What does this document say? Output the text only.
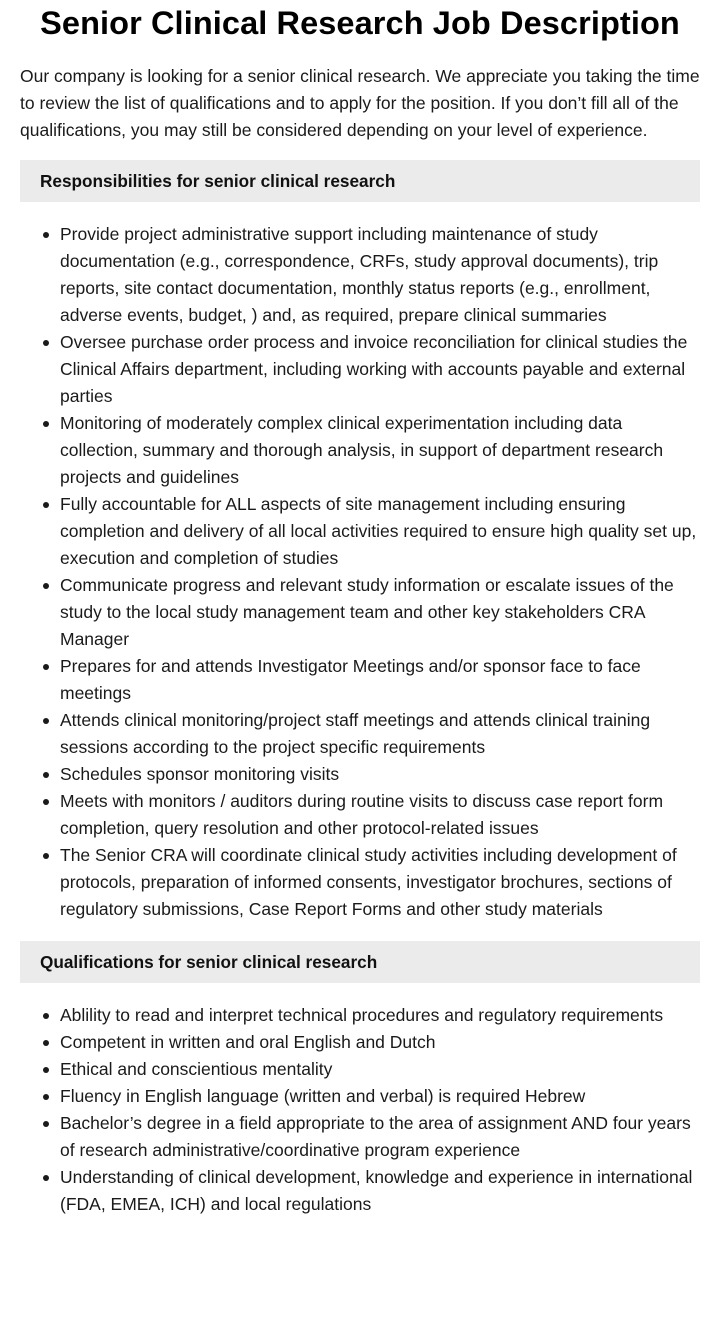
Senior Clinical Research Job Description

Our company is looking for a senior clinical research. We appreciate you taking the time to review the list of qualifications and to apply for the position. If you don’t fill all of the qualifications, you may still be considered depending on your level of experience.

Responsibilities for senior clinical research
Provide project administrative support including maintenance of study documentation (e.g., correspondence, CRFs, study approval documents), trip reports, site contact documentation, monthly status reports (e.g., enrollment, adverse events, budget, ) and, as required, prepare clinical summaries
Oversee purchase order process and invoice reconciliation for clinical studies the Clinical Affairs department, including working with accounts payable and external parties
Monitoring of moderately complex clinical experimentation including data collection, summary and thorough analysis, in support of department research projects and guidelines
Fully accountable for ALL aspects of site management including ensuring completion and delivery of all local activities required to ensure high quality set up, execution and completion of studies
Communicate progress and relevant study information or escalate issues of the study to the local study management team and other key stakeholders CRA Manager
Prepares for and attends Investigator Meetings and/or sponsor face to face meetings
Attends clinical monitoring/project staff meetings and attends clinical training sessions according to the project specific requirements
Schedules sponsor monitoring visits
Meets with monitors / auditors during routine visits to discuss case report form completion, query resolution and other protocol-related issues
The Senior CRA will coordinate clinical study activities including development of protocols, preparation of informed consents, investigator brochures, sections of regulatory submissions, Case Report Forms and other study materials
Qualifications for senior clinical research
Ablility to read and interpret technical procedures and regulatory requirements
Competent in written and oral English and Dutch
Ethical and conscientious mentality
Fluency in English language (written and verbal) is required Hebrew
Bachelor’s degree in a field appropriate to the area of assignment AND four years of research administrative/coordinative program experience
Understanding of clinical development, knowledge and experience in international (FDA, EMEA, ICH) and local regulations
